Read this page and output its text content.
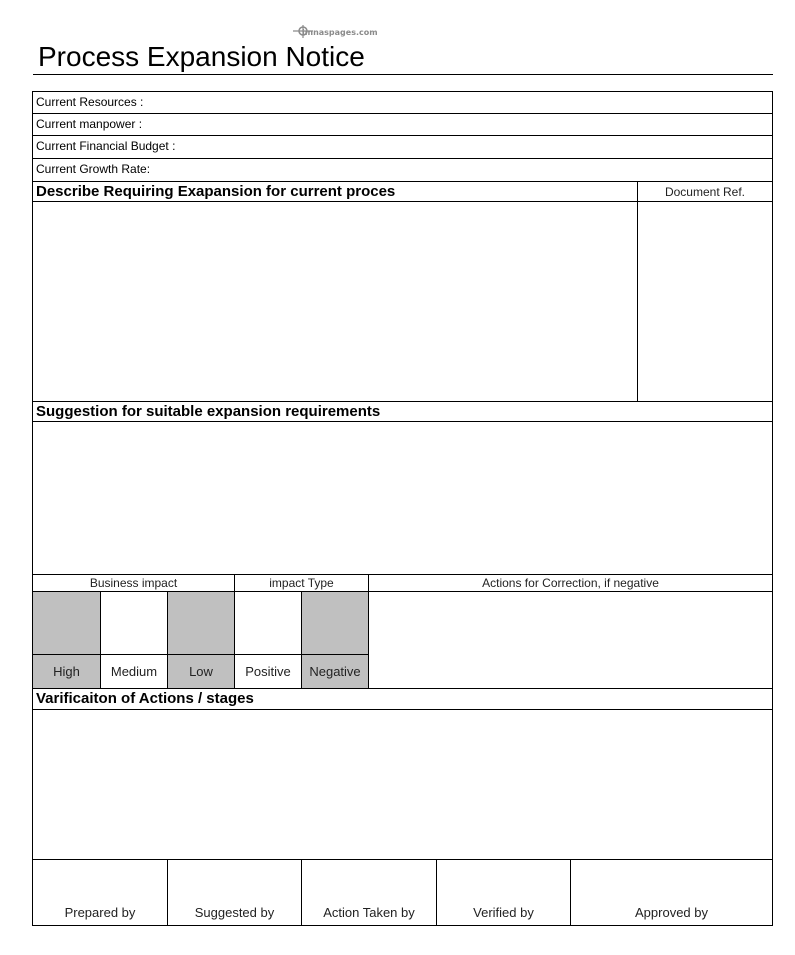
imnaspages.com
Process Expansion Notice
Current Resources :
Current manpower :
Current Financial Budget :
Current Growth Rate:
Describe Requiring Exapansion for current proces	Document Ref.
Suggestion for suitable expansion requirements
Business impact	impact Type	Actions for Correction, if negative
High	Medium	Low	Positive	Negative
Varificaiton of Actions / stages
Prepared by	Suggested by	Action Taken by	Verified by	Approved by
